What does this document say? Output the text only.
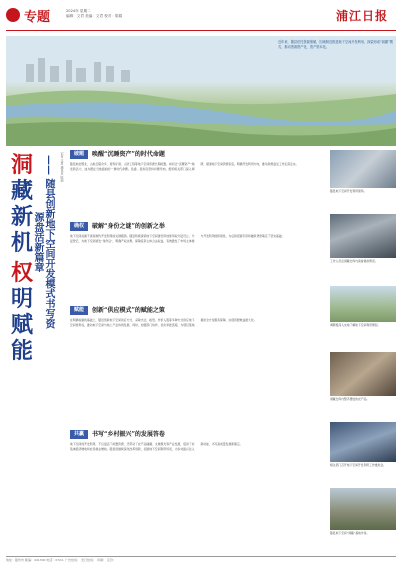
专题	2024年 星期二
编辑：文君 美编：文君 校对：陈娟	浦江日报
近年来，随县依托资源禀赋，因地制宜推进地下空间开发利用，探索形成“洞藏”模式，推动资源资产化、资产资本化。
洞
藏
新
机
权
明
赋
能
—— 随县创新地下空间开发模式书写资源盘活新篇章
记者 文君 通讯员 陈娟	破题	唤醒“沉睡资产”的时代命题
随县地处鄂北，山地丘陵众多，废弃矿洞、人防工程等地下空间资源长期闲置。如何让“沉睡资产”焕发新活力，成为摆在当地面前的一道时代命题。县委、县政府坚持问题导向，组织相关部门深入调研，摸清地下空间资源家底，明确开发利用方向，推动资源盘活工作走深走实。
确权	破解“身份之谜”的创新之举
地下空间权属不清是制约开发利用的关键瓶颈。随县积极探索地下空间建设用地使用权分层设立、分层登记，为地下空间颁发“身份证”，明确产权边界，保障投资主体合法权益，有效激发了市场主体参与开发利用的积极性，为后续招商引资和融资贷款奠定了坚实基础。
赋能	创新“供应模式”的赋能之策
在明确权属的基础上，随县创新地下空间供应方式，采取出让、租赁、作价入股等多种方式供应地下空间使用权，推动地下空间与地上产业协同发展。同时，加强部门协作，优化审批流程，为项目落地提供全方位服务保障，实现资源效益最大化。
共赢	书写“乡村振兴”的发展答卷
地下空间的开发利用，不仅盘活了闲置资源，还带动了农产品储藏、文旅观光等产业发展，促进了村集体经济增收和农民就业增收。随县将继续深化改革创新，拓展地下空间利用场景，为乡村振兴注入新动能，书写高质量发展新篇章。
随县地下空间开发利用现场。
工作人员在洞藏仓库内查看储存情况。
调研组深入实地了解地下空间利用情况。
洞藏仓库内整齐摆放的农产品。
相关部门召开地下空间开发利用工作推进会。
随县地下空间“洞藏”基地外景。
地址：随州市 邮编：441300 电话：0722- 广告热线： 发行热线： 印刷： 定价：
